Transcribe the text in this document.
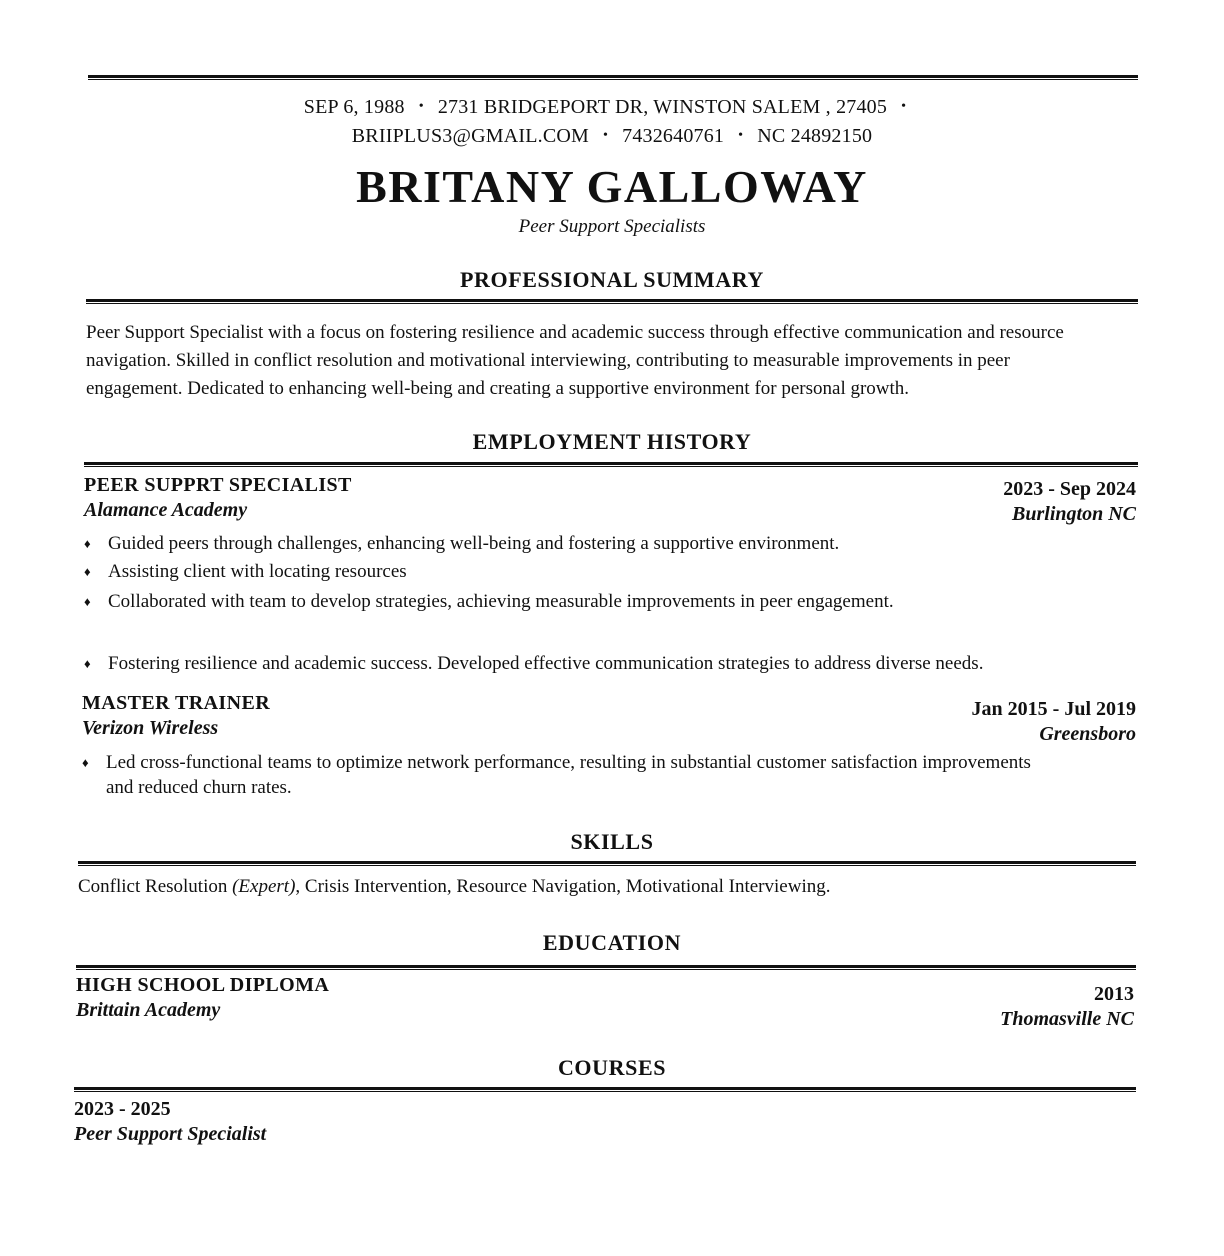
SEP 6, 1988 • 2731 BRIDGEPORT DR, WINSTON SALEM , 27405 •
BRIIPLUS3@GMAIL.COM • 7432640761 • NC 24892150
BRITANY GALLOWAY
Peer Support Specialists
PROFESSIONAL SUMMARY
Peer Support Specialist with a focus on fostering resilience and academic success through effective communication and resource
navigation. Skilled in conflict resolution and motivational interviewing, contributing to measurable improvements in peer
engagement. Dedicated to enhancing well-being and creating a supportive environment for personal growth.
EMPLOYMENT HISTORY
PEER SUPPRT SPECIALIST
Alamance Academy
2023 - Sep 2024
Burlington NC
♦ Guided peers through challenges, enhancing well-being and fostering a supportive environment.
♦ Assisting client with locating resources
♦ Collaborated with team to develop strategies, achieving measurable improvements in peer engagement.
♦ Fostering resilience and academic success. Developed effective communication strategies to address diverse needs.
MASTER TRAINER
Verizon Wireless
Jan 2015 - Jul 2019
Greensboro
♦ Led cross-functional teams to optimize network performance, resulting in substantial customer satisfaction improvements
and reduced churn rates.
SKILLS
Conflict Resolution (Expert), Crisis Intervention, Resource Navigation, Motivational Interviewing.
EDUCATION
HIGH SCHOOL DIPLOMA
Brittain Academy
2013
Thomasville NC
COURSES
2023 - 2025
Peer Support Specialist
